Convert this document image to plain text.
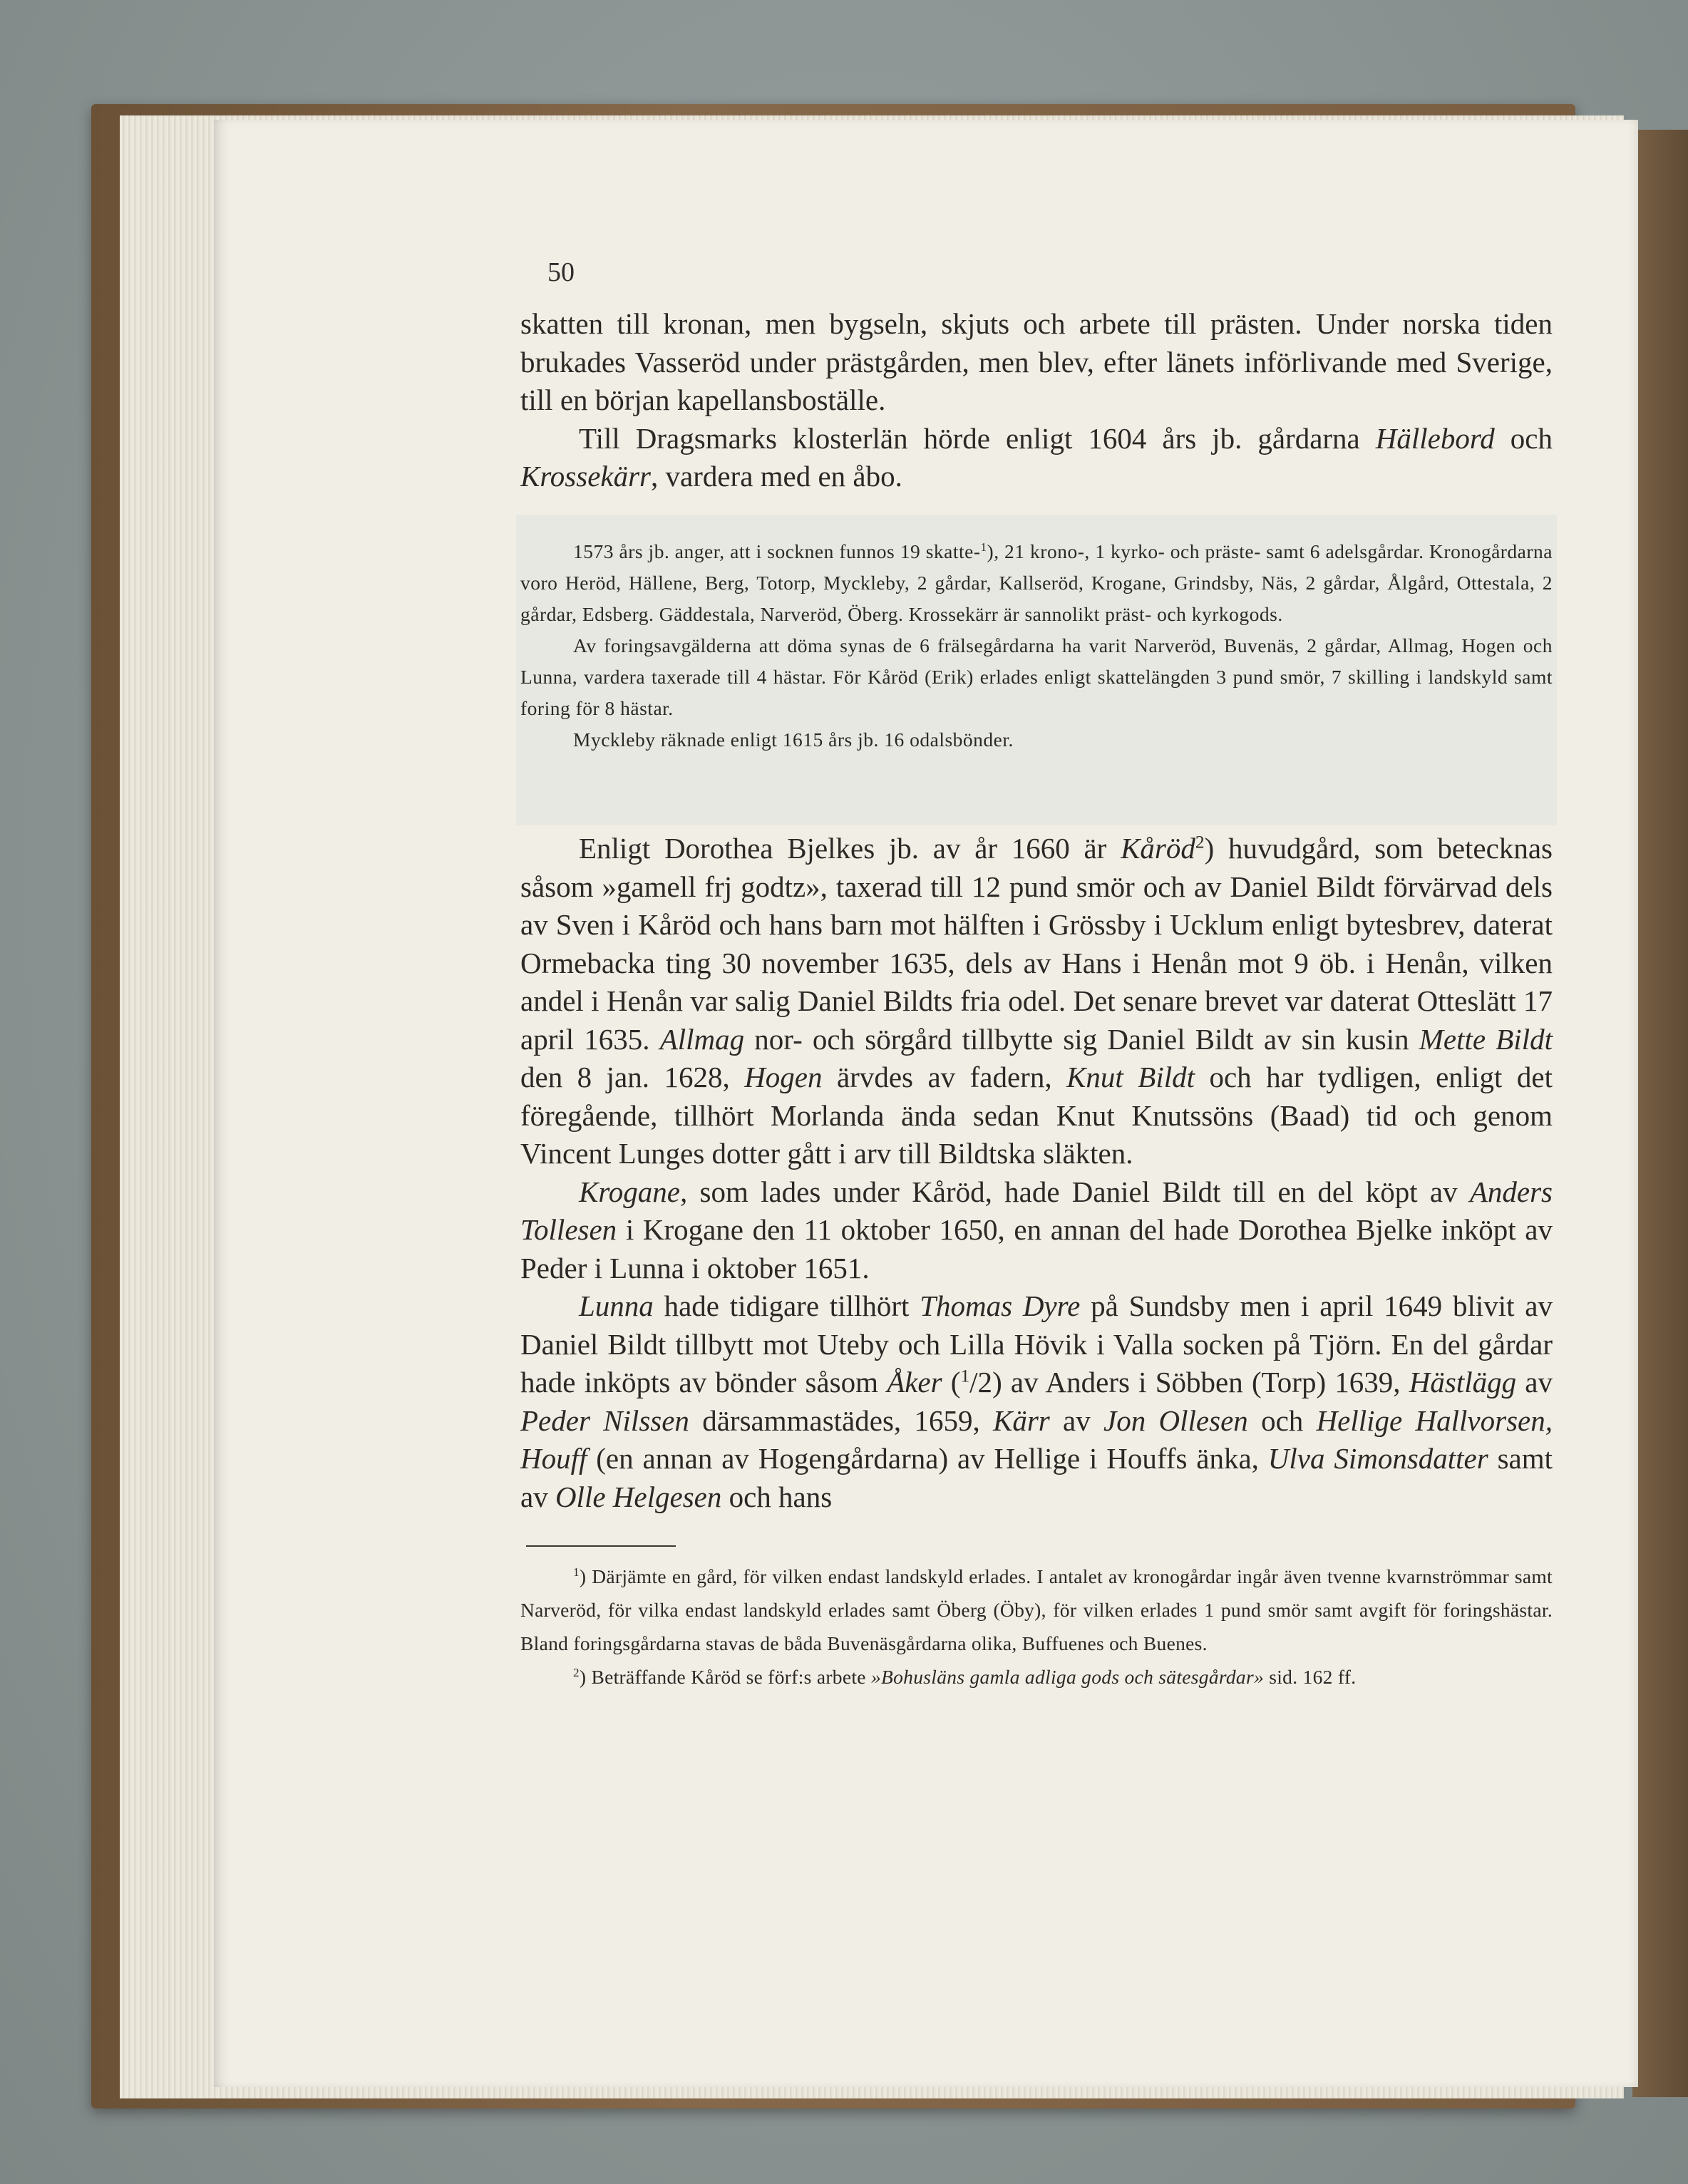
50

skatten till kronan, men bygseln, skjuts och arbete till prästen. Under norska tiden brukades Vasseröd under prästgården, men blev, efter länets införlivande med Sverige, till en början kapellansboställe.

Till Dragsmarks klosterlän hörde enligt 1604 års jb. gårdarna Hällebord och Krossekärr, vardera med en åbo.

1573 års jb. anger, att i socknen funnos 19 skatte-$^1$), 21 krono-, 1 kyrko- och präste- samt 6 adelsgårdar. Kronogårdarna voro Heröd, Hällene, Berg, Totorp, Myckleby, 2 gårdar, Kallseröd, Krogane, Grindsby, Näs, 2 gårdar, Ålgård, Ottestala, 2 gårdar, Edsberg. Gäddestala, Narveröd, Öberg. Krossekärr är sannolikt präst- och kyrkogods.

Av foringsavgälderna att döma synas de 6 frälsegårdarna ha varit Narveröd, Buvenäs, 2 gårdar, Allmag, Hogen och Lunna, vardera taxerade till 4 hästar. För Kåröd (Erik) erlades enligt skattelängden 3 pund smör, 7 skilling i landskyld samt foring för 8 hästar.

Myckleby räknade enligt 1615 års jb. 16 odalsbönder.

Enligt Dorothea Bjelkes jb. av år 1660 är Kåröd$^2$) huvudgård, som betecknas såsom »gamell frj godtz», taxerad till 12 pund smör och av Daniel Bildt förvärvad dels av Sven i Kåröd och hans barn mot hälften i Grössby i Ucklum enligt bytesbrev, daterat Ormebacka ting 30 november 1635, dels av Hans i Henån mot 9 öb. i Henån, vilken andel i Henån var salig Daniel Bildts fria odel. Det senare brevet var daterat Otteslätt 17 april 1635. Allmag nor- och sörgård tillbytte sig Daniel Bildt av sin kusin Mette Bildt den 8 jan. 1628, Hogen ärvdes av fadern, Knut Bildt och har tydligen, enligt det föregående, tillhört Morlanda ända sedan Knut Knutssöns (Baad) tid och genom Vincent Lunges dotter gått i arv till Bildtska släkten.

Krogane, som lades under Kåröd, hade Daniel Bildt till en del köpt av Anders Tollesen i Krogane den 11 oktober 1650, en annan del hade Dorothea Bjelke inköpt av Peder i Lunna i oktober 1651.

Lunna hade tidigare tillhört Thomas Dyre på Sundsby men i april 1649 blivit av Daniel Bildt tillbytt mot Uteby och Lilla Hövik i Valla socken på Tjörn. En del gårdar hade inköpts av bönder såsom Åker ($^1$/2) av Anders i Söbben (Torp) 1639, Hästlägg av Peder Nilssen därsammastädes, 1659, Kärr av Jon Ollesen och Hellige Hallvorsen, Houff (en annan av Hogengårdarna) av Hellige i Houffs änka, Ulva Simonsdatter samt av Olle Helgesen och hans

$^1$) Därjämte en gård, för vilken endast landskyld erlades. I antalet av kronogårdar ingår även tvenne kvarnströmmar samt Narveröd, för vilka endast landskyld erlades samt Öberg (Öby), för vilken erlades 1 pund smör samt avgift för foringshästar. Bland foringsgårdarna stavas de båda Buvenäsgårdarna olika, Buffuenes och Buenes.

$^2$) Beträffande Kåröd se förf:s arbete »Bohusläns gamla adliga gods och sätesgårdar» sid. 162 ff.
